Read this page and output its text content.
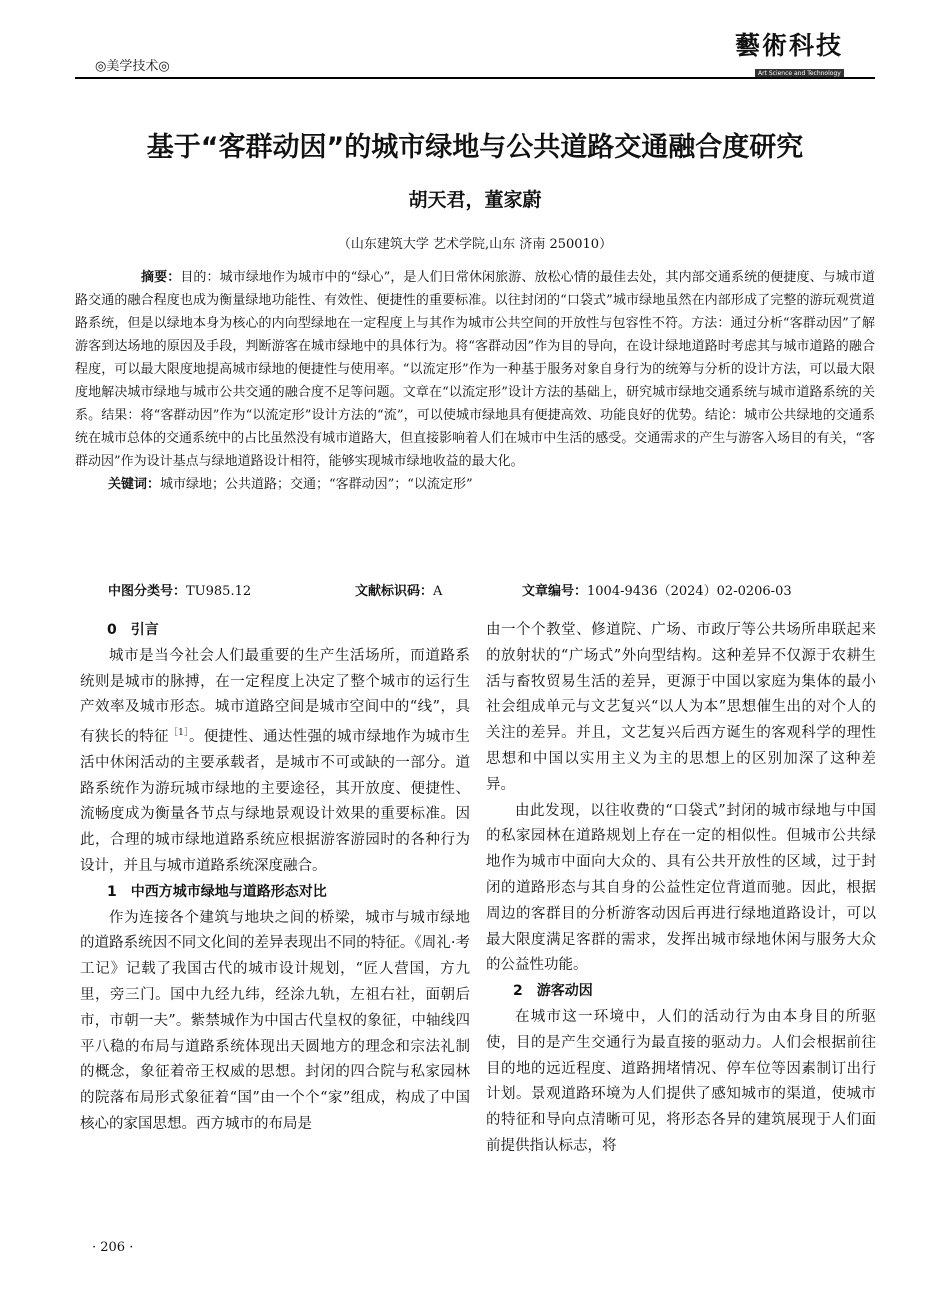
◎美学技术◎
藝術科技
Art Science and Technology
基于“客群动因”的城市绿地与公共道路交通融合度研究
胡天君，董家蔚
（山东建筑大学 艺术学院,山东 济南 250010）
摘要：目的：城市绿地作为城市中的“绿心”，是人们日常休闲旅游、放松心情的最佳去处，其内部交通系统的便捷度、与城市道路交通的融合程度也成为衡量绿地功能性、有效性、便捷性的重要标准。以往封闭的“口袋式”城市绿地虽然在内部形成了完整的游玩观赏道路系统，但是以绿地本身为核心的内向型绿地在一定程度上与其作为城市公共空间的开放性与包容性不符。方法：通过分析“客群动因”了解游客到达场地的原因及手段，判断游客在城市绿地中的具体行为。将“客群动因”作为目的导向，在设计绿地道路时考虑其与城市道路的融合程度，可以最大限度地提高城市绿地的便捷性与使用率。“以流定形”作为一种基于服务对象自身行为的统筹与分析的设计方法，可以最大限度地解决城市绿地与城市公共交通的融合度不足等问题。文章在“以流定形”设计方法的基础上，研究城市绿地交通系统与城市道路系统的关系。结果：将“客群动因”作为“以流定形”设计方法的“流”，可以使城市绿地具有便捷高效、功能良好的优势。结论：城市公共绿地的交通系统在城市总体的交通系统中的占比虽然没有城市道路大，但直接影响着人们在城市中生活的感受。交通需求的产生与游客入场目的有关，“客群动因”作为设计基点与绿地道路设计相符，能够实现城市绿地收益的最大化。
关键词：城市绿地；公共道路；交通；“客群动因”；“以流定形”
中图分类号：TU985.12	文献标识码：A	文章编号：1004-9436（2024）02-0206-03
0　引言

城市是当今社会人们最重要的生产生活场所，而道路系统则是城市的脉搏，在一定程度上决定了整个城市的运行生产效率及城市形态。城市道路空间是城市空间中的“线”，具有狭长的特征$^{[1]}$。便捷性、通达性强的城市绿地作为城市生活中休闲活动的主要承载者，是城市不可或缺的一部分。道路系统作为游玩城市绿地的主要途径，其开放度、便捷性、流畅度成为衡量各节点与绿地景观设计效果的重要标准。因此，合理的城市绿地道路系统应根据游客游园时的各种行为设计，并且与城市道路系统深度融合。

1　中西方城市绿地与道路形态对比

作为连接各个建筑与地块之间的桥梁，城市与城市绿地的道路系统因不同文化间的差异表现出不同的特征。《周礼·考工记》记载了我国古代的城市设计规划，“匠人营国，方九里，旁三门。国中九经九纬，经涂九轨，左祖右社，面朝后市，市朝一夫”。紫禁城作为中国古代皇权的象征，中轴线四平八稳的布局与道路系统体现出天圆地方的理念和宗法礼制的概念，象征着帝王权威的思想。封闭的四合院与私家园林的院落布局形式象征着“国”由一个个“家”组成，构成了中国核心的家国思想。西方城市的布局是

由一个个教堂、修道院、广场、市政厅等公共场所串联起来的放射状的“广场式”外向型结构。这种差异不仅源于农耕生活与畜牧贸易生活的差异，更源于中国以家庭为集体的最小社会组成单元与文艺复兴“以人为本”思想催生出的对个人的关注的差异。并且，文艺复兴后西方诞生的客观科学的理性思想和中国以实用主义为主的思想上的区别加深了这种差异。

由此发现，以往收费的“口袋式”封闭的城市绿地与中国的私家园林在道路规划上存在一定的相似性。但城市公共绿地作为城市中面向大众的、具有公共开放性的区域，过于封闭的道路形态与其自身的公益性定位背道而驰。因此，根据周边的客群目的分析游客动因后再进行绿地道路设计，可以最大限度满足客群的需求，发挥出城市绿地休闲与服务大众的公益性功能。

2　游客动因

在城市这一环境中，人们的活动行为由本身目的所驱使，目的是产生交通行为最直接的驱动力。人们会根据前往目的地的远近程度、道路拥堵情况、停车位等因素制订出行计划。景观道路环境为人们提供了感知城市的渠道，使城市的特征和导向点清晰可见，将形态各异的建筑展现于人们面前提供指认标志，将

· 206 ·
